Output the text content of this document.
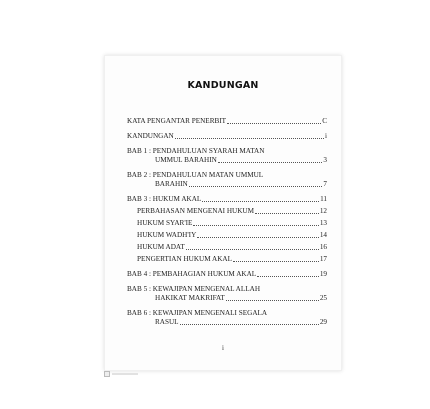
KANDUNGAN
KATA PENGANTAR PENERBIT	C
KANDUNGAN	i
BAB 1 : PENDAHULUAN SYARAH MATAN
UMMUL BARAHIN	3
BAB 2 : PENDAHULUAN MATAN UMMUL
BARAHIN	7
BAB 3 : HUKUM AKAL	11
PERBAHASAN MENGENAI HUKUM	12
HUKUM SYAR'IE	13
HUKUM WADH'IY	14
HUKUM ADAT	16
PENGERTIAN HUKUM AKAL	17
BAB 4 : PEMBAHAGIAN HUKUM AKAL	19
BAB 5 : KEWAJIPAN MENGENAL ALLAH
HAKIKAT MAKRIFAT	25
BAB 6 : KEWAJIPAN MENGENALI SEGALA
RASUL	29
i
